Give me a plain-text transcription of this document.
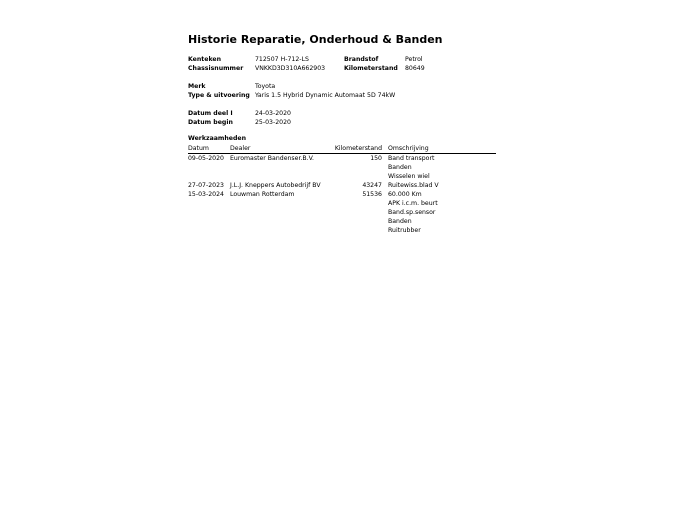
Historie Reparatie, Onderhoud & Banden
Kenteken	712507 H-712-LS	Brandstof	Petrol
Chassisnummer VNKKD3D310A662903	Kilometerstand 80649
Merk	Toyota
Type & uitvoering Yaris 1.5 Hybrid Dynamic Automaat 5D 74kW
Datum deel I	24-03-2020
Datum begin	25-03-2020
Werkzaamheden
Datum	Dealer	Kilometerstand Omschrijving
09-05-2020 Euromaster Bandenser.B.V.	150 Band transport
Banden
Wisselen wiel
27-07-2023 J.L.J. Kneppers Autobedrijf BV	43247 Ruitewiss.blad V
15-03-2024 Louwman Rotterdam	51536 60.000 Km
APK i.c.m. beurt
Band.sp.sensor
Banden
Ruitrubber
